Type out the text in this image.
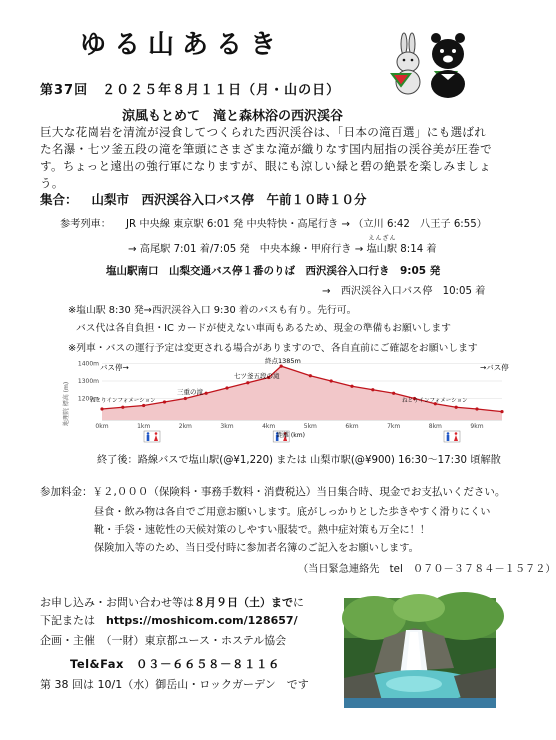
ゆる山あるき
第37回　２０２５年８月１１日（月・山の日）
涼風もとめて　滝と森林浴の西沢渓谷
巨大な花崗岩を清流が浸食してつくられた西沢渓谷は、「日本の滝百選」にも選ばれた名瀑・七ツ釜五段の滝を筆頭にさまざまな滝が織りなす国内屈指の渓谷美が圧巻です。ちょっと遠出の強行軍になりますが、眼にも涼しい緑と碧の絶景を楽しみましょう。
集合： 山梨市　西沢渓谷入口バス停　午前１０時１０分
参考列車： JR 中央線 東京駅 6:01 発 中央特快・高尾行き → （立川 6:42　八王子 6:55）
→ 高尾駅 7:01 着/7:05 発　中央本線・甲府行き →
えんざん
塩山駅 8:14 着
塩山駅南口　山梨交通バス停１番のりば　西沢渓谷入口行き　9:05 発
→　西沢渓谷入口バス停　10:05 着
※塩山駅 8:30 発→西沢渓谷入口 9:30 着のバスも有り。先行可。
バス代は各自負担・IC カードが使えない車両もあるため、現金の準備もお願いします
※列車・バスの運行予定は変更される場合がありますので、各自直前にご確認をお願いします
地理院 標高 (m)
1400m
1300m
1200m
0km	1km	2km	3km	4km	5km	6km	7km	8km	9km
バス停→	→バス停
ねとりインフォメーション	ねとりインフォメーション
三重の滝
七ツ釜五段の滝
終点1385m
距離 (km)
終了後：路線バスで塩山駅(@¥1,220) または 山梨市駅(@¥900) 16:30～17:30 頃解散
参加料金：￥２,０００（保険料・事務手数料・消費税込）当日集合時、現金でお支払いください。
昼食・飲み物は各自でご用意お願いします。底がしっかりとした歩きやすく滑りにくい
靴・手袋・速乾性の天候対策のしやすい服装で。熱中症対策も万全に！！
保険加入等のため、当日受付時に参加者名簿のご記入をお願いします。
（当日緊急連絡先　tel　０７０－３７８４－１５７２）
お申し込み・お問い合わせ等は８月９日（土）までに
下記または　 https://moshicom.com/128657/
企画・主催　（一財）東京都ユース・ホステル協会
Tel&Fax　０３－６６５８－８１１６
第 38 回は 10/1（水）御岳山・ロックガーデン　です
